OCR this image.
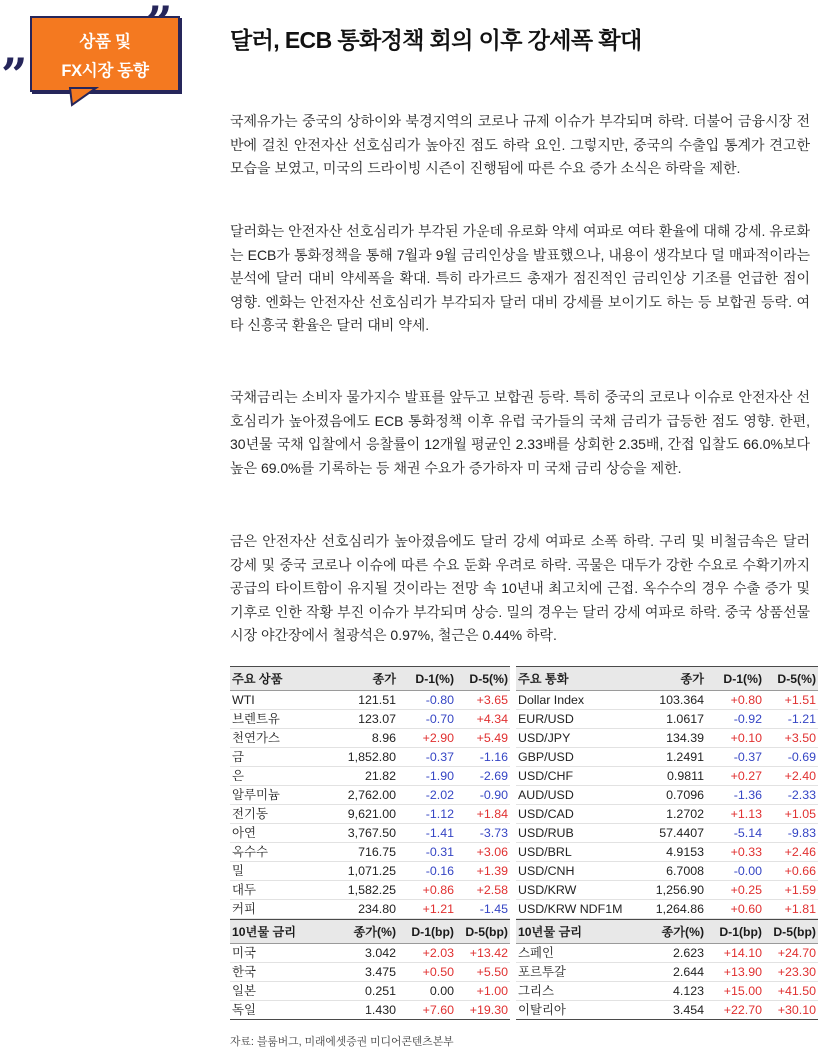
”
상품 및
FX시장 동향
달러, ECB 통화정책 회의 이후 강세폭 확대

국제유가는 중국의 상하이와 북경지역의 코로나 규제 이슈가 부각되며 하락. 더불어 금융시장 전반에 걸친 안전자산 선호심리가 높아진 점도 하락 요인. 그렇지만, 중국의 수출입 통계가 견고한 모습을 보였고, 미국의 드라이빙 시즌이 진행됨에 따른 수요 증가 소식은 하락을 제한.

달러화는 안전자산 선호심리가 부각된 가운데 유로화 약세 여파로 여타 환율에 대해 강세. 유로화는 ECB가 통화정책을 통해 7월과 9월 금리인상을 발표했으나, 내용이 생각보다 덜 매파적이라는 분석에 달러 대비 약세폭을 확대. 특히 라가르드 총재가 점진적인 금리인상 기조를 언급한 점이 영향. 엔화는 안전자산 선호심리가 부각되자 달러 대비 강세를 보이기도 하는 등 보합권 등락. 여타 신흥국 환율은 달러 대비 약세.

국채금리는 소비자 물가지수 발표를 앞두고 보합권 등락. 특히 중국의 코로나 이슈로 안전자산 선호심리가 높아졌음에도 ECB 통화정책 이후 유럽 국가들의 국채 금리가 급등한 점도 영향. 한편, 30년물 국채 입찰에서 응찰률이 12개월 평균인 2.33배를 상회한 2.35배, 간접 입찰도 66.0%보다 높은 69.0%를 기록하는 등 채권 수요가 증가하자 미 국채 금리 상승을 제한.

금은 안전자산 선호심리가 높아졌음에도 달러 강세 여파로 소폭 하락. 구리 및 비철금속은 달러 강세 및 중국 코로나 이슈에 따른 수요 둔화 우려로 하락. 곡물은 대두가 강한 수요로 수확기까지 공급의 타이트함이 유지될 것이라는 전망 속 10년내 최고치에 근접. 옥수수의 경우 수출 증가 및 기후로 인한 작황 부진 이슈가 부각되며 상승. 밀의 경우는 달러 강세 여파로 하락. 중국 상품선물시장 야간장에서 철광석은 0.97%, 철근은 0.44% 하락.

주요 상품	종가	D-1(%)	D-5(%)
WTI	121.51	-0.80	+3.65
브렌트유	123.07	-0.70	+4.34
천연가스	8.96	+2.90	+5.49
금	1,852.80	-0.37	-1.16
은	21.82	-1.90	-2.69
알루미늄	2,762.00	-2.02	-0.90
전기동	9,621.00	-1.12	+1.84
아연	3,767.50	-1.41	-3.73
옥수수	716.75	-0.31	+3.06
밀	1,071.25	-0.16	+1.39
대두	1,582.25	+0.86	+2.58
커피	234.80	+1.21	-1.45
10년물 금리	종가(%)	D-1(bp)	D-5(bp)
미국	3.042	+2.03	+13.42
한국	3.475	+0.50	+5.50
일본	0.251	0.00	+1.00
독일	1.430	+7.60	+19.30
주요 통화	종가	D-1(%)	D-5(%)
Dollar Index	103.364	+0.80	+1.51
EUR/USD	1.0617	-0.92	-1.21
USD/JPY	134.39	+0.10	+3.50
GBP/USD	1.2491	-0.37	-0.69
USD/CHF	0.9811	+0.27	+2.40
AUD/USD	0.7096	-1.36	-2.33
USD/CAD	1.2702	+1.13	+1.05
USD/RUB	57.4407	-5.14	-9.83
USD/BRL	4.9153	+0.33	+2.46
USD/CNH	6.7008	-0.00	+0.66
USD/KRW	1,256.90	+0.25	+1.59
USD/KRW NDF1M	1,264.86	+0.60	+1.81
10년물 금리	종가(%)	D-1(bp)	D-5(bp)
스페인	2.623	+14.10	+24.70
포르투갈	2.644	+13.90	+23.30
그리스	4.123	+15.00	+41.50
이탈리아	3.454	+22.70	+30.10
자료: 블룸버그, 미래에셋증권 미디어콘텐츠본부
